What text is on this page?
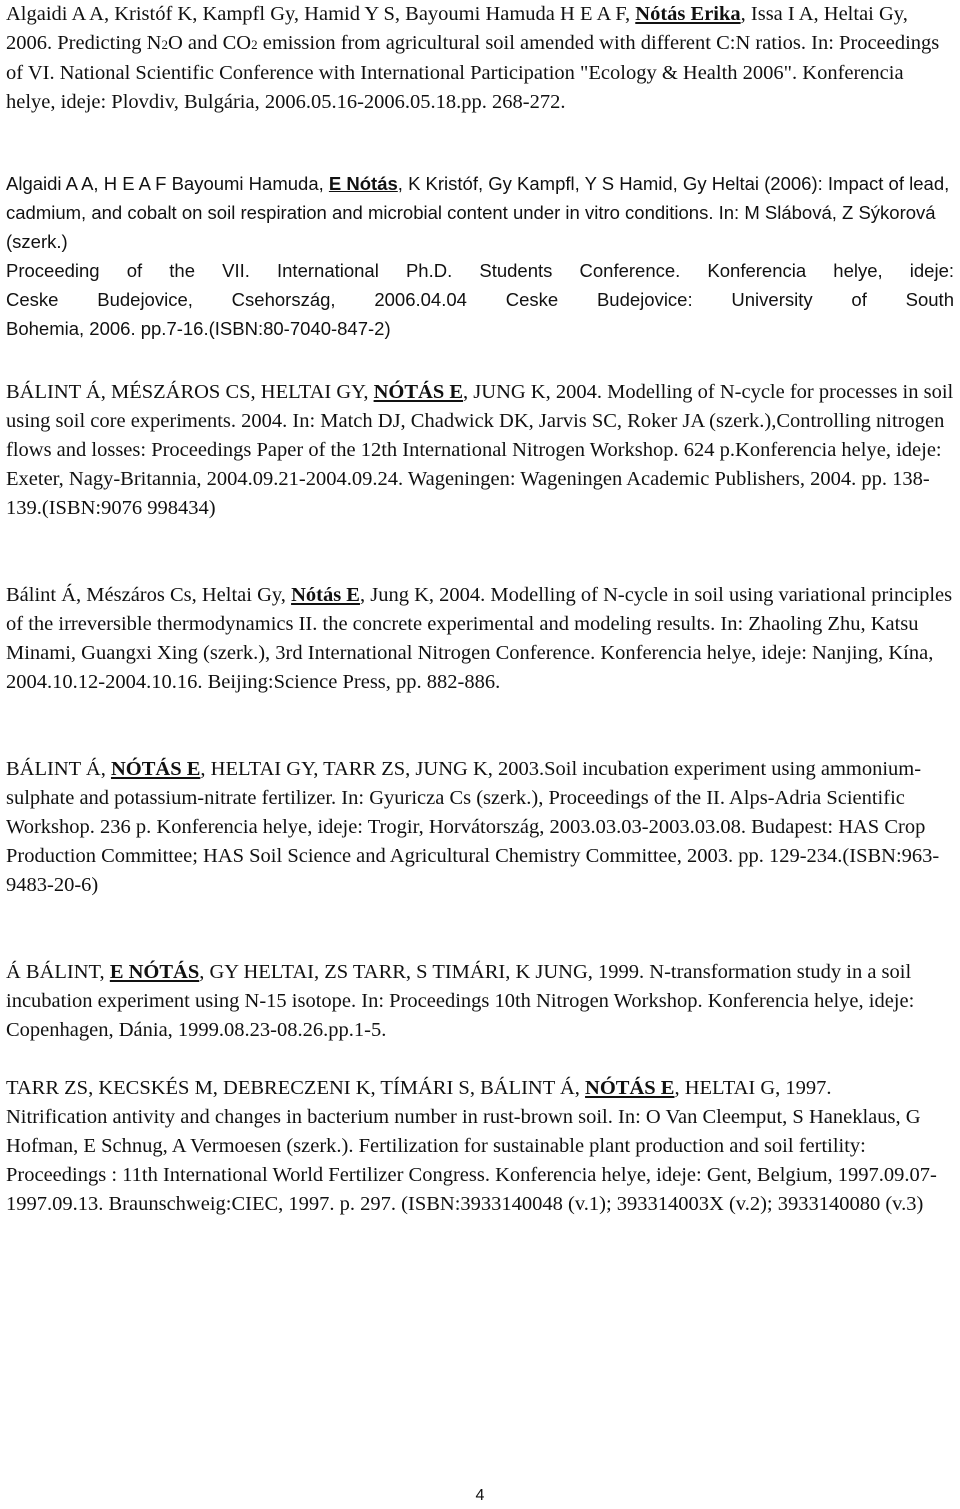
Algaidi A A, Kristóf K, Kampfl Gy, Hamid Y S, Bayoumi Hamuda H E A F, Nótás Erika, Issa I A, Heltai Gy, 2006. Predicting N2O and CO2 emission from agricultural soil amended with different C:N ratios. In: Proceedings of VI. National Scientific Conference with International Participation "Ecology & Health 2006". Konferencia helye, ideje: Plovdiv, Bulgária, 2006.05.16-2006.05.18.pp. 268-272.

Algaidi A A, H E A F Bayoumi Hamuda, E Nótás, K Kristóf, Gy Kampfl, Y S Hamid, Gy Heltai (2006): Impact of lead, cadmium, and cobalt on soil respiration and microbial content under in vitro conditions. In: M Slábová, Z Sýkorová (szerk.)

Proceeding of the VII. International Ph.D. Students Conference. Konferencia helye, ideje:

Ceske Budejovice, Csehország, 2006.04.04 Ceske Budejovice: University of South

Bohemia, 2006. pp.7-16.(ISBN:80-7040-847-2)

BÁLINT Á, MÉSZÁROS CS, HELTAI GY, NÓTÁS E, JUNG K, 2004. Modelling of N-cycle for processes in soil using soil core experiments. 2004. In: Match DJ, Chadwick DK, Jarvis SC, Roker JA (szerk.),Controlling nitrogen flows and losses: Proceedings Paper of the 12th International Nitrogen Workshop. 624 p.Konferencia helye, ideje: Exeter, Nagy-Britannia, 2004.09.21-2004.09.24. Wageningen: Wageningen Academic Publishers, 2004. pp. 138-139.(ISBN:9076 998434)

Bálint Á, Mészáros Cs, Heltai Gy, Nótás E, Jung K, 2004. Modelling of N-cycle in soil using variational principles of the irreversible thermodynamics II. the concrete experimental and modeling results. In: Zhaoling Zhu, Katsu Minami, Guangxi Xing (szerk.), 3rd International Nitrogen Conference. Konferencia helye, ideje: Nanjing, Kína, 2004.10.12-2004.10.16. Beijing:Science Press, pp. 882-886.

BÁLINT Á, NÓTÁS E, HELTAI GY, TARR ZS, JUNG K, 2003.Soil incubation experiment using ammonium-sulphate and potassium-nitrate fertilizer. In: Gyuricza Cs (szerk.), Proceedings of the II. Alps-Adria Scientific Workshop. 236 p. Konferencia helye, ideje: Trogir, Horvátország, 2003.03.03-2003.03.08. Budapest: HAS Crop Production Committee; HAS Soil Science and Agricultural Chemistry Committee, 2003. pp. 129-234.(ISBN:963-9483-20-6)

Á BÁLINT, E NÓTÁS, GY HELTAI, ZS TARR, S TIMÁRI, K JUNG, 1999. N-transformation study in a soil incubation experiment using N-15 isotope. In: Proceedings 10th Nitrogen Workshop. Konferencia helye, ideje: Copenhagen, Dánia, 1999.08.23-08.26.pp.1-5.

TARR ZS, KECSKÉS M, DEBRECZENI K, TÍMÁRI S, BÁLINT Á, NÓTÁS E, HELTAI G, 1997.

Nitrification antivity and changes in bacterium number in rust-brown soil. In: O Van Cleemput, S Haneklaus, G Hofman, E Schnug, A Vermoesen (szerk.). Fertilization for sustainable plant production and soil fertility: Proceedings : 11th International World Fertilizer Congress. Konferencia helye, ideje: Gent, Belgium, 1997.09.07-1997.09.13. Braunschweig:CIEC, 1997. p. 297. (ISBN:3933140048 (v.1); 393314003X (v.2); 3933140080 (v.3)

4
